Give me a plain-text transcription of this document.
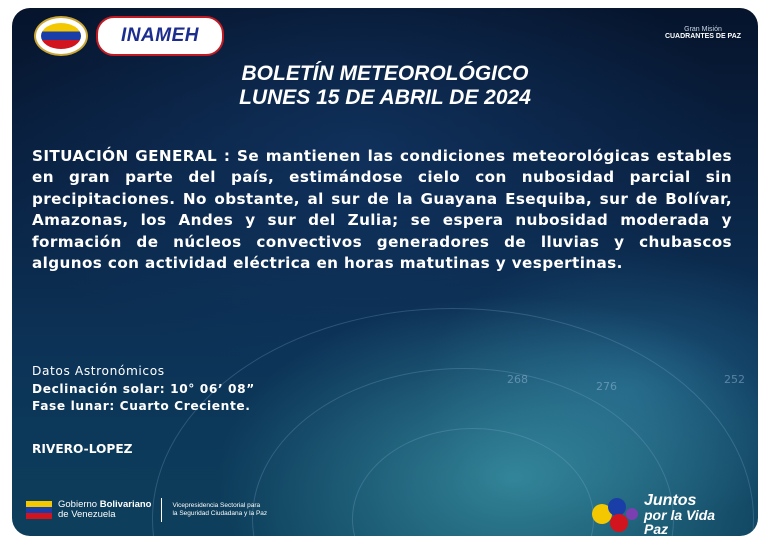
268
276
252
INAMEH	Gran Misión
CUADRANTES DE PAZ
BOLETÍN METEOROLÓGICO
LUNES 15 DE ABRIL DE 2024
SITUACIÓN GENERAL : Se mantienen las condiciones meteorológicas estables en gran parte del país, estimándose cielo con nubosidad parcial sin precipitaciones. No obstante, al sur de la Guayana Esequiba, sur de Bolívar, Amazonas, los Andes y sur del Zulia; se espera nubosidad moderada y formación de núcleos convectivos generadores de lluvias y chubascos algunos con actividad eléctrica en horas matutinas y vespertinas.
Datos Astronómicos
Declinación solar: 10° 06’ 08”
Fase lunar: Cuarto Creciente.
RIVERO-LOPEZ
Gobierno Bolivariano
de Venezuela
Vicepresidencia Sectorial para
la Seguridad Ciudadana y la Paz
Juntos
por la Vida
Paz
